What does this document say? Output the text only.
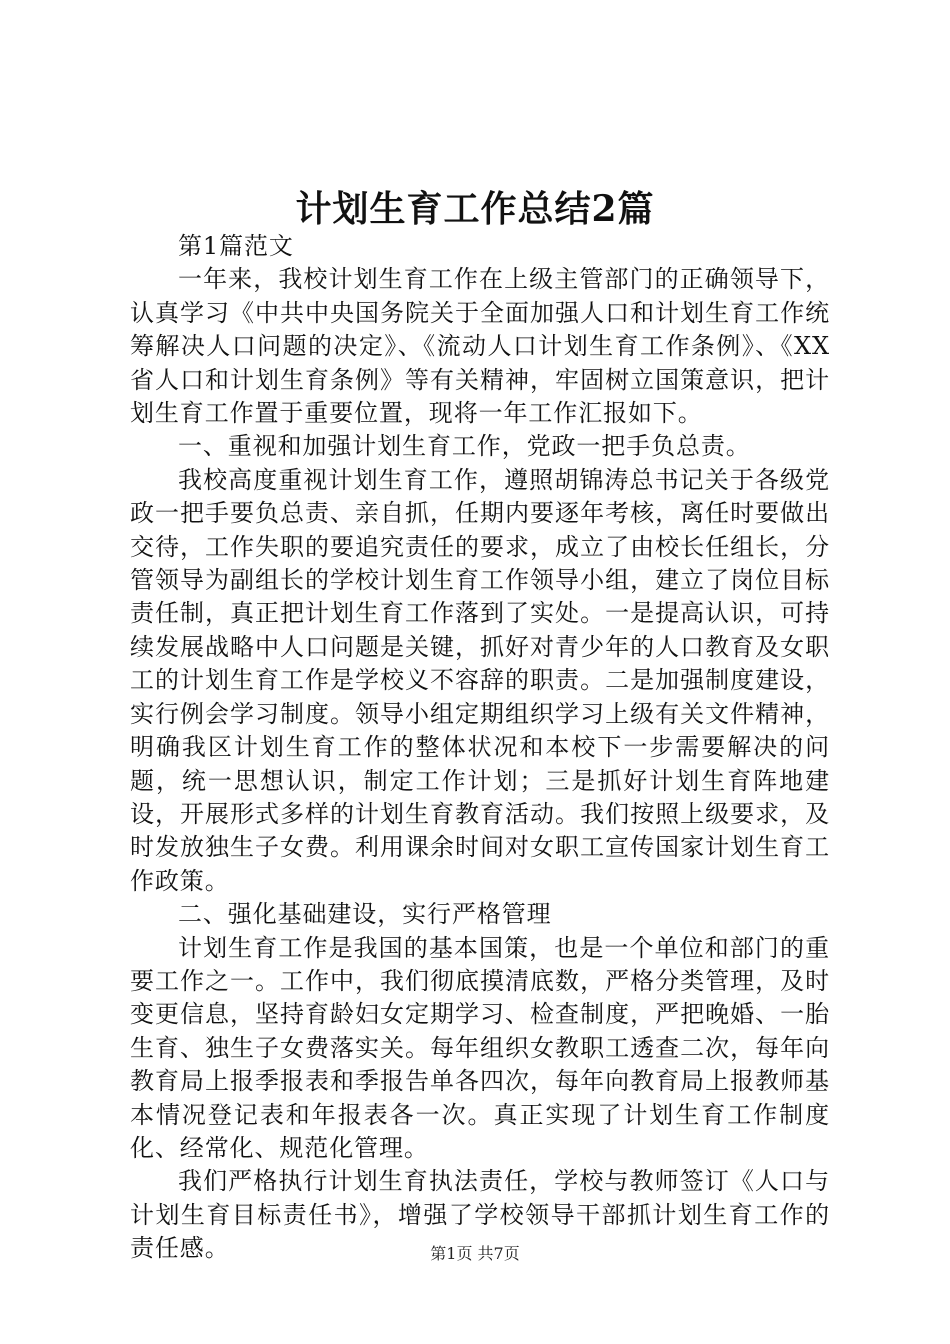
计划生育工作总结2篇

第1篇范文

一年来，我校计划生育工作在上级主管部门的正确领导下，认真学习《中共中央国务院关于全面加强人口和计划生育工作统筹解决人口问题的决定》、《流动人口计划生育工作条例》、《XX省人口和计划生育条例》等有关精神，牢固树立国策意识，把计划生育工作置于重要位置，现将一年工作汇报如下。

一、重视和加强计划生育工作，党政一把手负总责。

我校高度重视计划生育工作，遵照胡锦涛总书记关于各级党政一把手要负总责、亲自抓，任期内要逐年考核，离任时要做出交待，工作失职的要追究责任的要求，成立了由校长任组长，分管领导为副组长的学校计划生育工作领导小组，建立了岗位目标责任制，真正把计划生育工作落到了实处。一是提高认识，可持续发展战略中人口问题是关键，抓好对青少年的人口教育及女职工的计划生育工作是学校义不容辞的职责。二是加强制度建设，实行例会学习制度。领导小组定期组织学习上级有关文件精神，明确我区计划生育工作的整体状况和本校下一步需要解决的问题，统一思想认识，制定工作计划；三是抓好计划生育阵地建设，开展形式多样的计划生育教育活动。我们按照上级要求，及时发放独生子女费。利用课余时间对女职工宣传国家计划生育工作政策。

二、强化基础建设，实行严格管理

计划生育工作是我国的基本国策，也是一个单位和部门的重要工作之一。工作中，我们彻底摸清底数，严格分类管理，及时变更信息，坚持育龄妇女定期学习、检查制度，严把晚婚、一胎生育、独生子女费落实关。每年组织女教职工透查二次，每年向教育局上报季报表和季报告单各四次，每年向教育局上报教师基本情况登记表和年报表各一次。真正实现了计划生育工作制度化、经常化、规范化管理。

我们严格执行计划生育执法责任，学校与教师签订《人口与计划生育目标责任书》，增强了学校领导干部抓计划生育工作的责任感。	第1页 共7页
